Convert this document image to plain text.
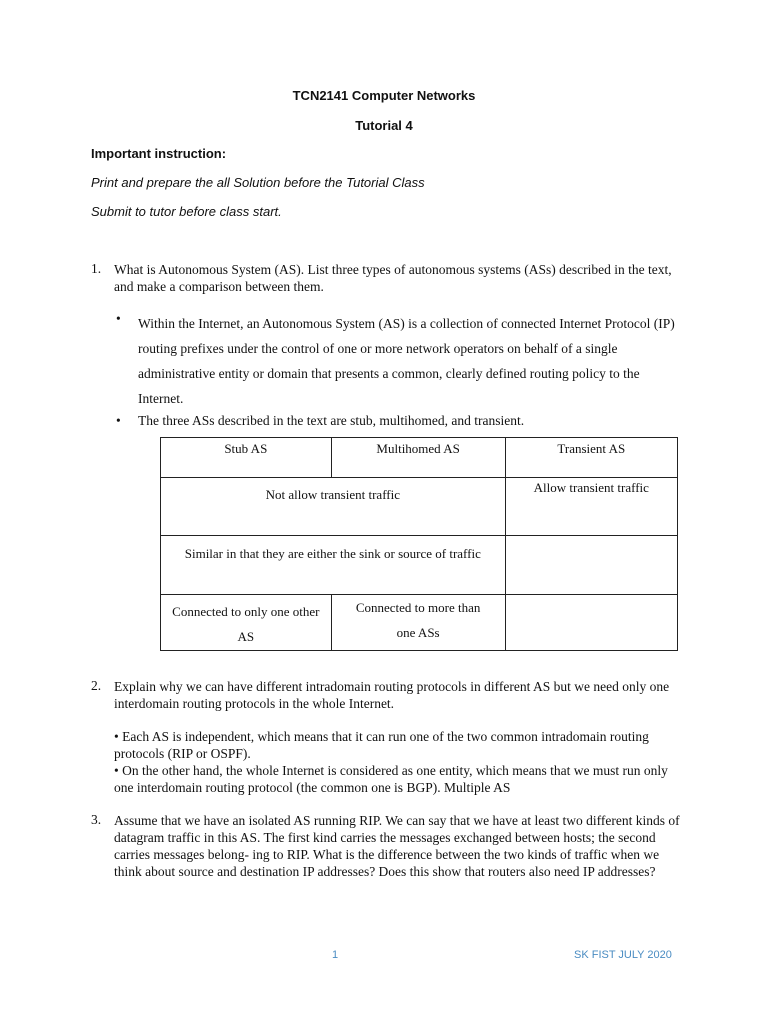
TCN2141 Computer Networks
Tutorial 4
Important instruction:
Print and prepare the all Solution before the Tutorial Class
Submit to tutor before class start.
1. What is Autonomous System (AS). List three types of autonomous systems (ASs) described in the text, and make a comparison between them.
• Within the Internet, an Autonomous System (AS) is a collection of connected Internet Protocol (IP) routing prefixes under the control of one or more network operators on behalf of a single administrative entity or domain that presents a common, clearly defined routing policy to the Internet.
• The three ASs described in the text are stub, multihomed, and transient.
Stub AS	Multihomed AS	Transient AS
Not allow transient traffic		Allow transient traffic
Similar in that they are either the sink or source of traffic		
Connected to only one other AS	Connected to more than one ASs	
2. Explain why we can have different intradomain routing protocols in different AS but we need only one interdomain routing protocols in the whole Internet.
• Each AS is independent, which means that it can run one of the two common intradomain routing protocols (RIP or OSPF).
• On the other hand, the whole Internet is considered as one entity, which means that we must run only one interdomain routing protocol (the common one is BGP). Multiple AS
3. Assume that we have an isolated AS running RIP. We can say that we have at least two different kinds of datagram traffic in this AS. The first kind carries the messages exchanged between hosts; the second carries messages belong- ing to RIP. What is the difference between the two kinds of traffic when we think about source and destination IP addresses? Does this show that routers also need IP addresses?
1	SK FIST JULY 2020
